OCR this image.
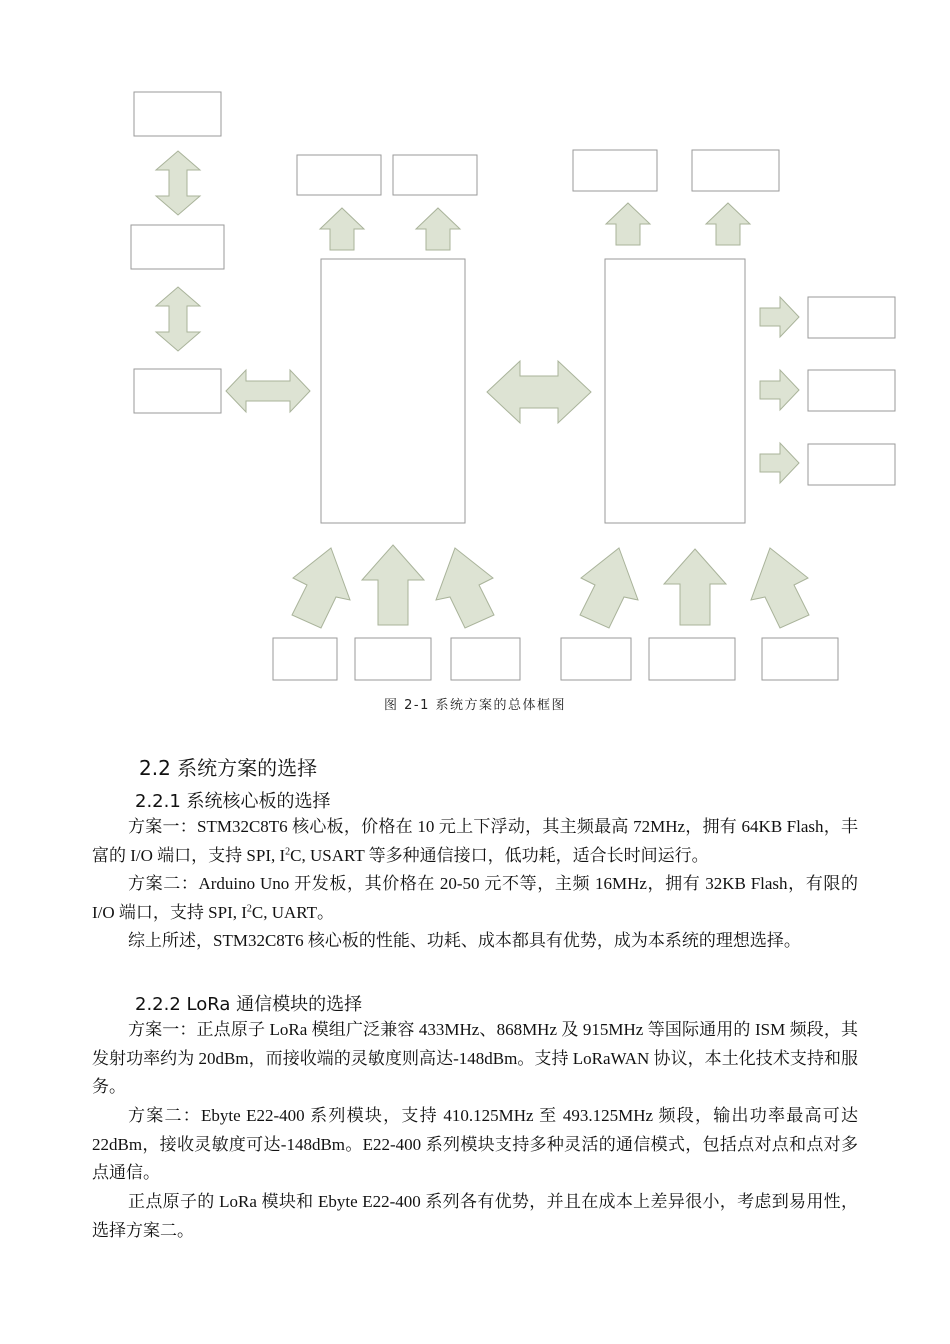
图 2-1 系统方案的总体框图
2.2 系统方案的选择
2.2.1 系统核心板的选择

方案一：STM32C8T6 核心板，价格在 10 元上下浮动，其主频最高 72MHz，拥有 64KB Flash，丰富的 I/O 端口，支持 SPI, $I^2C$, USART 等多种通信接口，低功耗，适合长时间运行。

方案二：Arduino Uno 开发板，其价格在 20-50 元不等，主频 16MHz，拥有 32KB Flash，有限的 I/O 端口，支持 SPI, $I^2C$, UART。

综上所述，STM32C8T6 核心板的性能、功耗、成本都具有优势，成为本系统的理想选择。

2.2.2 LoRa 通信模块的选择

方案一：正点原子 LoRa 模组广泛兼容 433MHz、868MHz 及 915MHz 等国际通用的 ISM 频段，其发射功率约为 20dBm，而接收端的灵敏度则高达-148dBm。支持 LoRaWAN 协议，本土化技术支持和服务。

方案二：Ebyte E22-400 系列模块，支持 410.125MHz 至 493.125MHz 频段，输出功率最高可达 22dBm，接收灵敏度可达-148dBm。E22-400 系列模块支持多种灵活的通信模式，包括点对点和点对多点通信。

正点原子的 LoRa 模块和 Ebyte E22-400 系列各有优势，并且在成本上差异很小，考虑到易用性，选择方案二。
